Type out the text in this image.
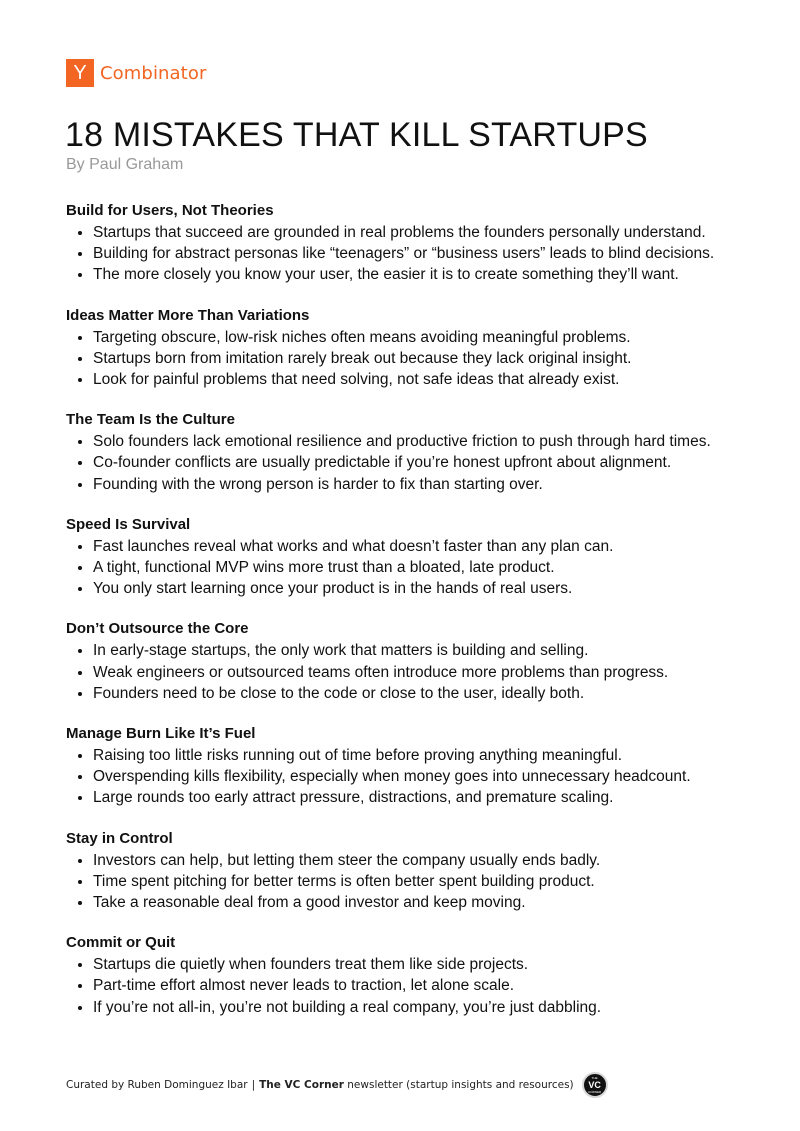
Y Combinator
18 MISTAKES THAT KILL STARTUPS
By Paul Graham
Build for Users, Not Theories
• Startups that succeed are grounded in real problems the founders personally understand.
• Building for abstract personas like “teenagers” or “business users” leads to blind decisions.
• The more closely you know your user, the easier it is to create something they’ll want.
Ideas Matter More Than Variations
• Targeting obscure, low-risk niches often means avoiding meaningful problems.
• Startups born from imitation rarely break out because they lack original insight.
• Look for painful problems that need solving, not safe ideas that already exist.
The Team Is the Culture
• Solo founders lack emotional resilience and productive friction to push through hard times.
• Co-founder conflicts are usually predictable if you’re honest upfront about alignment.
• Founding with the wrong person is harder to fix than starting over.
Speed Is Survival
• Fast launches reveal what works and what doesn’t faster than any plan can.
• A tight, functional MVP wins more trust than a bloated, late product.
• You only start learning once your product is in the hands of real users.
Don’t Outsource the Core
• In early-stage startups, the only work that matters is building and selling.
• Weak engineers or outsourced teams often introduce more problems than progress.
• Founders need to be close to the code or close to the user, ideally both.
Manage Burn Like It’s Fuel
• Raising too little risks running out of time before proving anything meaningful.
• Overspending kills flexibility, especially when money goes into unnecessary headcount.
• Large rounds too early attract pressure, distractions, and premature scaling.
Stay in Control
• Investors can help, but letting them steer the company usually ends badly.
• Time spent pitching for better terms is often better spent building product.
• Take a reasonable deal from a good investor and keep moving.
Commit or Quit
• Startups die quietly when founders treat them like side projects.
• Part-time effort almost never leads to traction, let alone scale.
• If you’re not all-in, you’re not building a real company, you’re just dabbling.
Curated by Ruben Dominguez Ibar | The VC Corner
newsletter (startup insights and resources)
THE
VC
CORNER
